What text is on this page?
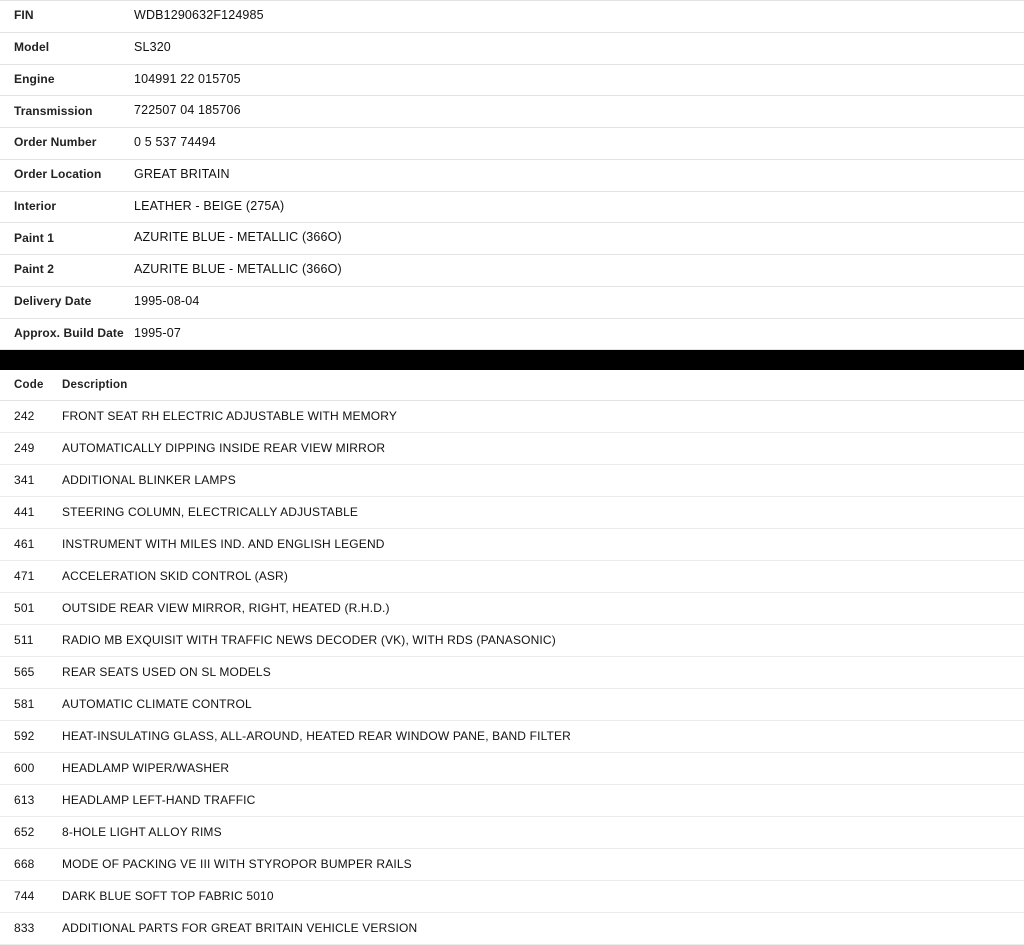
FIN	WDB1290632F124985
Model	SL320
Engine	104991 22 015705
Transmission	722507 04 185706
Order Number	0 5 537 74494
Order Location	GREAT BRITAIN
Interior	LEATHER - BEIGE (275A)
Paint 1	AZURITE BLUE - METALLIC (366O)
Paint 2	AZURITE BLUE - METALLIC (366O)
Delivery Date	1995-08-04
Approx. Build Date	1995-07
Code	Description
242	FRONT SEAT RH ELECTRIC ADJUSTABLE WITH MEMORY
249	AUTOMATICALLY DIPPING INSIDE REAR VIEW MIRROR
341	ADDITIONAL BLINKER LAMPS
441	STEERING COLUMN, ELECTRICALLY ADJUSTABLE
461	INSTRUMENT WITH MILES IND. AND ENGLISH LEGEND
471	ACCELERATION SKID CONTROL (ASR)
501	OUTSIDE REAR VIEW MIRROR, RIGHT, HEATED (R.H.D.)
511	RADIO MB EXQUISIT WITH TRAFFIC NEWS DECODER (VK), WITH RDS (PANASONIC)
565	REAR SEATS USED ON SL MODELS
581	AUTOMATIC CLIMATE CONTROL
592	HEAT-INSULATING GLASS, ALL-AROUND, HEATED REAR WINDOW PANE, BAND FILTER
600	HEADLAMP WIPER/WASHER
613	HEADLAMP LEFT-HAND TRAFFIC
652	8-HOLE LIGHT ALLOY RIMS
668	MODE OF PACKING VE III WITH STYROPOR BUMPER RAILS
744	DARK BLUE SOFT TOP FABRIC 5010
833	ADDITIONAL PARTS FOR GREAT BRITAIN VEHICLE VERSION
